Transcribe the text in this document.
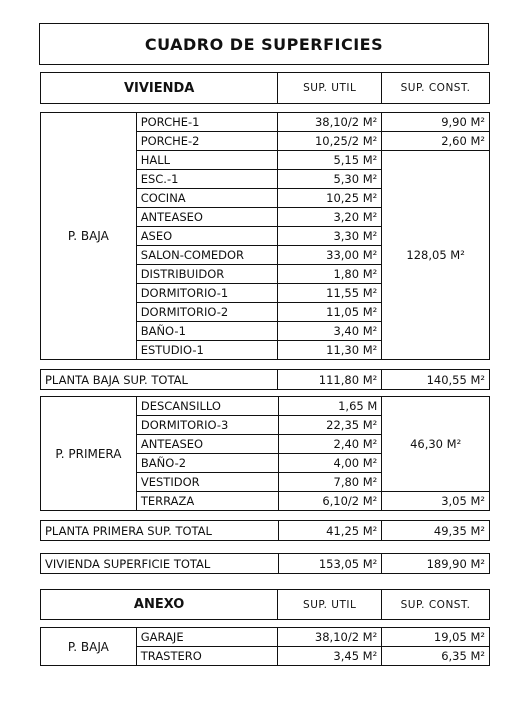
CUADRO DE SUPERFICIES
VIVIENDA	SUP. UTIL	SUP. CONST.
P. BAJA	PORCHE-1	38,10/2 M²	9,90 M²
	PORCHE-2	10,25/2 M²	2,60 M²
	HALL	5,15 M²	128,05 M²
	ESC.-1	5,30 M²	
	COCINA	10,25 M²	
	ANTEASEO	3,20 M²	
	ASEO	3,30 M²	
	SALON-COMEDOR	33,00 M²	
	DISTRIBUIDOR	1,80 M²	
	DORMITORIO-1	11,55 M²	
	DORMITORIO-2	11,05 M²	
	BAÑO-1	3,40 M²	
	ESTUDIO-1	11,30 M²	
PLANTA BAJA SUP. TOTAL	111,80 M²	140,55 M²
P. PRIMERA	DESCANSILLO	1,65 M	46,30 M²
	DORMITORIO-3	22,35 M²	
	ANTEASEO	2,40 M²	
	BAÑO-2	4,00 M²	
	VESTIDOR	7,80 M²	
	TERRAZA	6,10/2 M²	3,05 M²
PLANTA PRIMERA SUP. TOTAL	41,25 M²	49,35 M²
VIVIENDA SUPERFICIE TOTAL	153,05 M²	189,90 M²
ANEXO	SUP. UTIL	SUP. CONST.
P. BAJA	GARAJE	38,10/2 M²	19,05 M²
	TRASTERO	3,45 M²	6,35 M²
